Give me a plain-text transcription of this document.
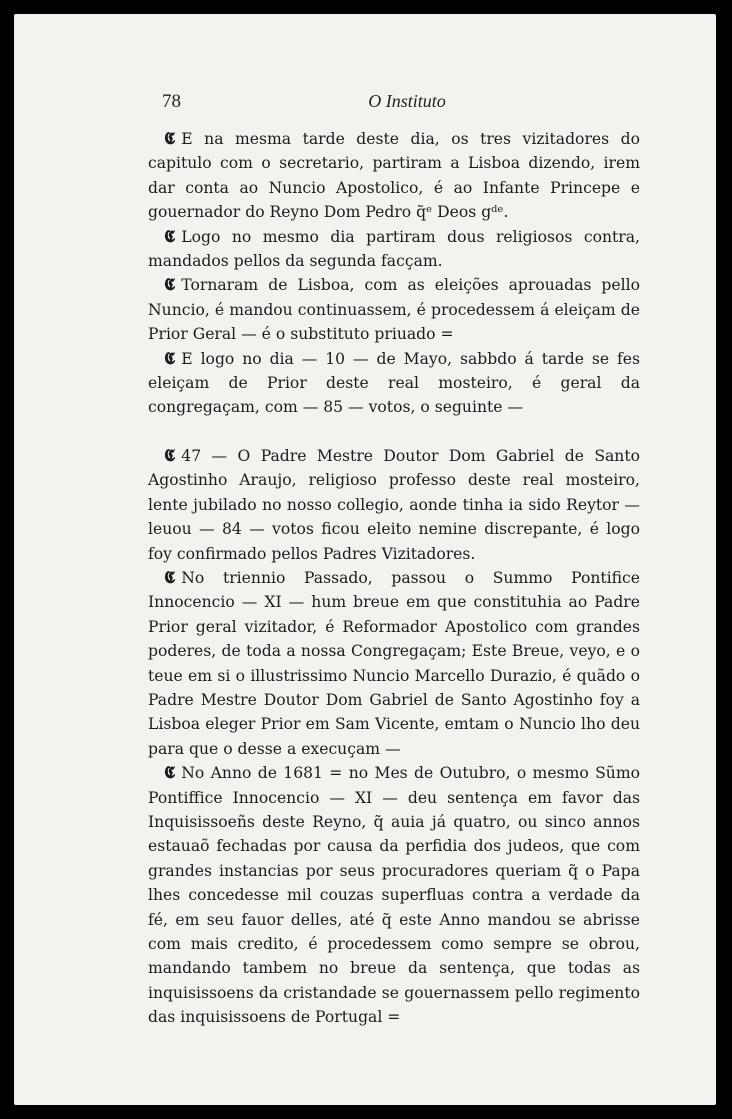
78	O Instituto

𝕮 E na mesma tarde deste dia, os tres vizitadores do capitulo com o secretario, partiram a Lisboa dizendo, irem dar conta ao Nuncio Apostolico, é ao Infante Princepe e gouernador do Reyno Dom Pedro q̃ᵉ Deos gᵈᵉ.

𝕮 Logo no mesmo dia partiram dous religiosos contra, mandados pellos da segunda facçam.

𝕮 Tornaram de Lisboa, com as eleições aprouadas pello Nuncio, é mandou continuassem, é procedessem á eleiçam de Prior Geral — é o substituto priuado =

𝕮 E logo no dia — 10 — de Mayo, sabbdo á tarde se fes eleiçam de Prior deste real mosteiro, é geral da congregaçam, com — 85 — votos, o seguinte —

𝕮 47 — O Padre Mestre Doutor Dom Gabriel de Santo Agostinho Araujo, religioso professo deste real mosteiro, lente jubilado no nosso collegio, aonde tinha ia sido Reytor — leuou — 84 — votos ficou eleito nemine discrepante, é logo foy confirmado pellos Padres Vizitadores.

𝕮 No triennio Passado, passou o Summo Pontifice Innocencio — XI — hum breue em que constituhia ao Padre Prior geral vizitador, é Reformador Apostolico com grandes poderes, de toda a nossa Congregaçam; Este Breue, veyo, e o teue em si o illustrissimo Nuncio Marcello Durazio, é quãdo o Padre Mestre Doutor Dom Gabriel de Santo Agostinho foy a Lisboa eleger Prior em Sam Vicente, emtam o Nuncio lho deu para que o desse a execuçam —

𝕮 No Anno de 1681 = no Mes de Outubro, o mesmo Sũmo Pontiffice Innocencio — XI — deu sentença em favor das Inquisissoeñs deste Reyno, q̃ auia já quatro, ou sinco annos estauaõ fechadas por causa da perfidia dos judeos, que com grandes instancias por seus procuradores queriam q̃ o Papa lhes concedesse mil couzas superfluas contra a verdade da fé, em seu fauor delles, até q̃ este Anno mandou se abrisse com mais credito, é procedessem como sempre se obrou, mandando tambem no breue da sentença, que todas as inquisissoens da cristandade se gouernassem pello regimento das inquisissoens de Portugal =
